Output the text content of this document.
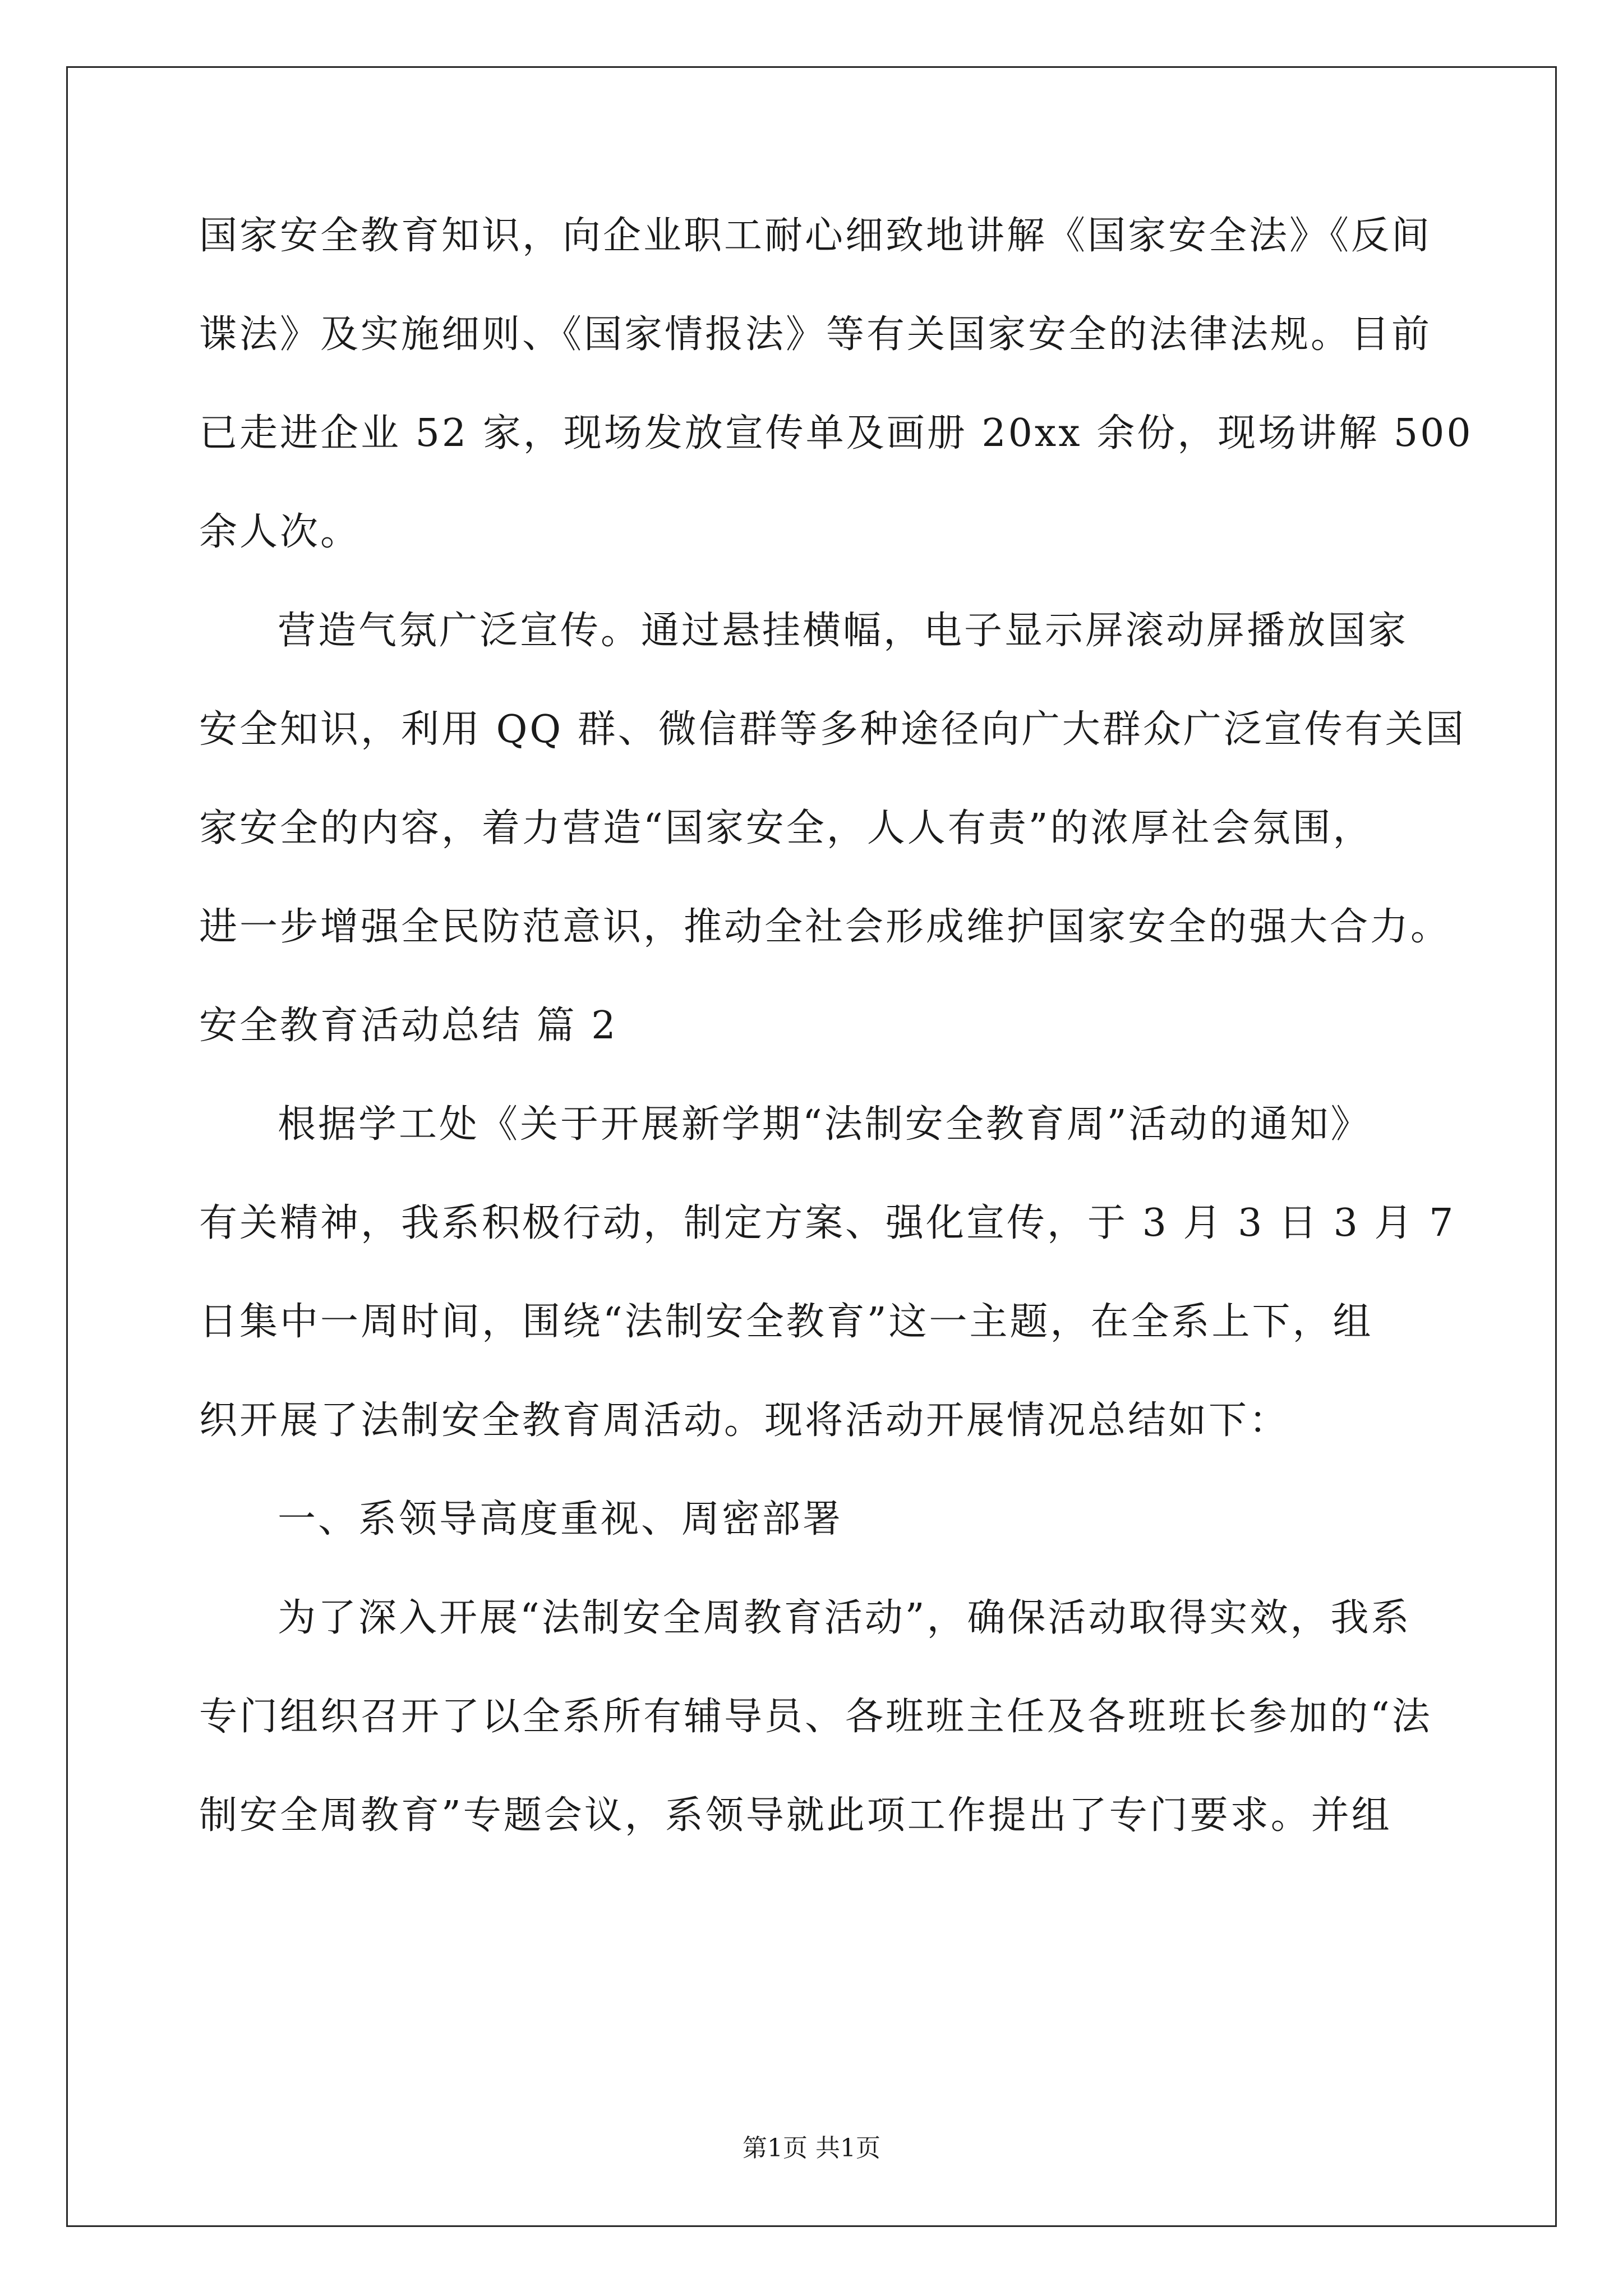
国家安全教育知识，向企业职工耐心细致地讲解《国家安全法》《反间
谍法》及实施细则、《国家情报法》等有关国家安全的法律法规。目前
已走进企业 52 家，现场发放宣传单及画册 20xx 余份，现场讲解 500
余人次。
营造气氛广泛宣传。通过悬挂横幅，电子显示屏滚动屏播放国家
安全知识，利用 QQ 群、微信群等多种途径向广大群众广泛宣传有关国
家安全的内容，着力营造“国家安全，人人有责”的浓厚社会氛围，
进一步增强全民防范意识，推动全社会形成维护国家安全的强大合力。
安全教育活动总结 篇 2
根据学工处《关于开展新学期“法制安全教育周”活动的通知》
有关精神，我系积极行动，制定方案、强化宣传，于 3 月 3 日 3 月 7
日集中一周时间，围绕“法制安全教育”这一主题，在全系上下，组
织开展了法制安全教育周活动。现将活动开展情况总结如下：
一、系领导高度重视、周密部署
为了深入开展“法制安全周教育活动”，确保活动取得实效，我系
专门组织召开了以全系所有辅导员、各班班主任及各班班长参加的“法
制安全周教育”专题会议，系领导就此项工作提出了专门要求。并组
第1页 共1页
